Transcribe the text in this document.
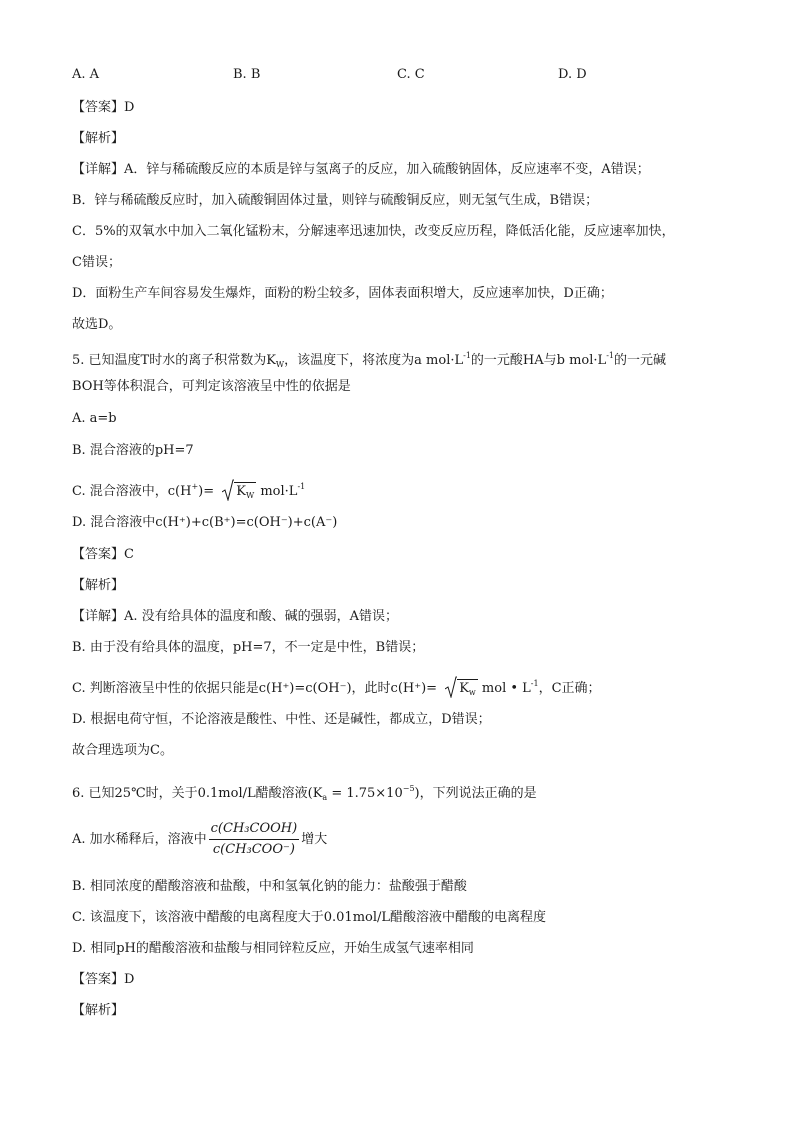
A. A	B. B	C. C	D. D
【答案】D
【解析】
【详解】A．锌与稀硫酸反应的本质是锌与氢离子的反应，加入硫酸钠固体，反应速率不变，A错误；
B．锌与稀硫酸反应时，加入硫酸铜固体过量，则锌与硫酸铜反应，则无氢气生成，B错误；
C．5%的双氧水中加入二氧化锰粉末，分解速率迅速加快，改变反应历程，降低活化能，反应速率加快，
C错误；
D．面粉生产车间容易发生爆炸，面粉的粉尘较多，固体表面积增大，反应速率加快，D正确；
故选D。
5. 已知温度T时水的离子积常数为$K_W$，该温度下，将浓度为a $mol\cdot L^{-1}$的一元酸HA与b $mol\cdot L^{-1}$的一元碱
BOH等体积混合，可判定该溶液呈中性的依据是
A. a=b
B. 混合溶液的pH=7
C. 混合溶液中，$c(H^+)= K_W$ $mol\cdot L^{-1}$
D. 混合溶液中c(H⁺)+c(B⁺)=c(OH⁻)+c(A⁻)
【答案】C
【解析】
【详解】A. 没有给具体的温度和酸、碱的强弱，A错误；
B. 由于没有给具体的温度，pH=7，不一定是中性，B错误；
C. 判断溶液呈中性的依据只能是c(H⁺)=c(OH⁻)，此时$c(H^+)= K_w$ mol • $L^{-1}$，C正确；
D. 根据电荷守恒，不论溶液是酸性、中性、还是碱性，都成立，D错误；
故合理选项为C。
6. 已知25℃时，关于0.1mol/L醋酸溶液$(K_a = 1.75\times 10^{-5})$，下列说法正确的是
A. 加水稀释后，溶液中 $\frac{\text{c(CH₃COOH)}}{\text{c(CH₃COO⁻)}}$ 增大
B. 相同浓度的醋酸溶液和盐酸，中和氢氧化钠的能力：盐酸强于醋酸
C. 该温度下，该溶液中醋酸的电离程度大于0.01mol/L醋酸溶液中醋酸的电离程度
D. 相同pH的醋酸溶液和盐酸与相同锌粒反应，开始生成氢气速率相同
【答案】D
【解析】
